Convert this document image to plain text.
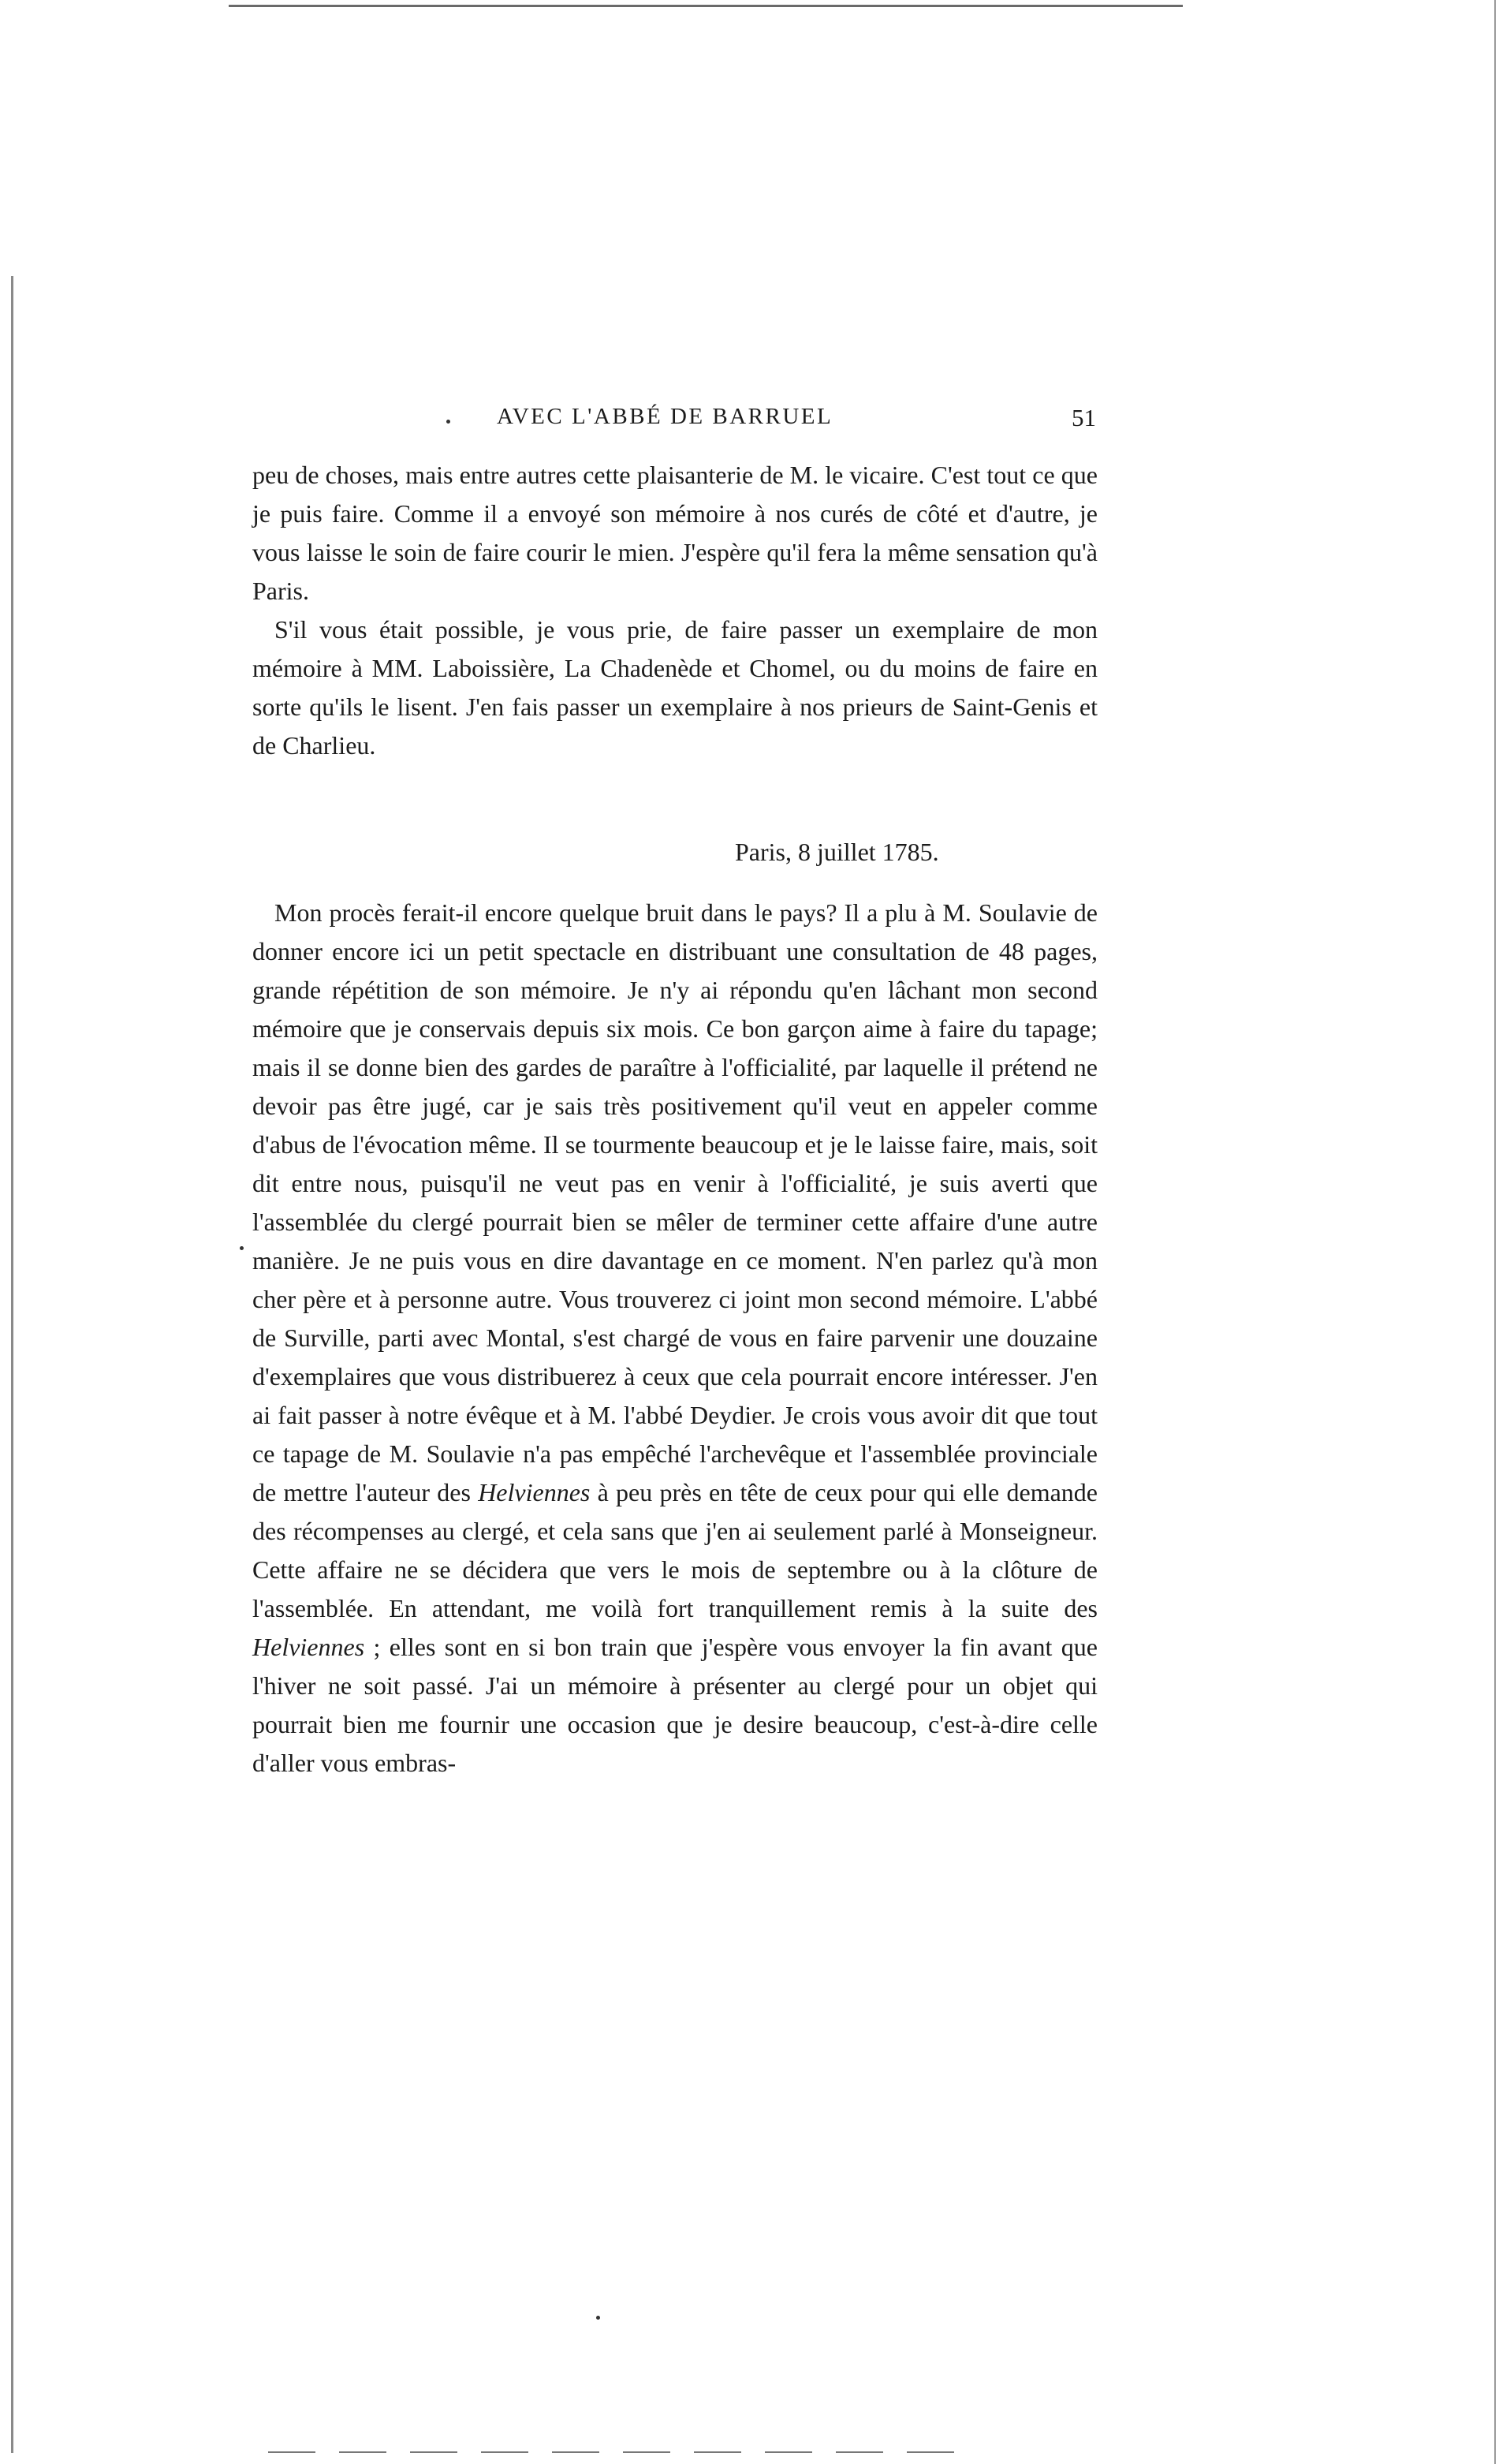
AVEC L'ABBÉ DE BARRUEL	51

peu de choses, mais entre autres cette plaisanterie de M. le vicaire. C'est tout ce que je puis faire. Comme il a envoyé son mémoire à nos curés de côté et d'autre, je vous laisse le soin de faire courir le mien. J'espère qu'il fera la même sensation qu'à Paris.

S'il vous était possible, je vous prie, de faire passer un exemplaire de mon mémoire à MM. Laboissière, La Chadenède et Chomel, ou du moins de faire en sorte qu'ils le lisent. J'en fais passer un exemplaire à nos prieurs de Saint-Genis et de Charlieu.

Paris, 8 juillet 1785.

Mon procès ferait-il encore quelque bruit dans le pays? Il a plu à M. Soulavie de donner encore ici un petit spectacle en distribuant une consultation de 48 pages, grande répétition de son mémoire. Je n'y ai répondu qu'en lâchant mon second mémoire que je conservais depuis six mois. Ce bon garçon aime à faire du tapage; mais il se donne bien des gardes de paraître à l'officialité, par laquelle il prétend ne devoir pas être jugé, car je sais très positivement qu'il veut en appeler comme d'abus de l'évocation même. Il se tourmente beaucoup et je le laisse faire, mais, soit dit entre nous, puisqu'il ne veut pas en venir à l'officialité, je suis averti que l'assemblée du clergé pourrait bien se mêler de terminer cette affaire d'une autre manière. Je ne puis vous en dire davantage en ce moment. N'en parlez qu'à mon cher père et à personne autre. Vous trouverez ci joint mon second mémoire. L'abbé de Surville, parti avec Montal, s'est chargé de vous en faire parvenir une douzaine d'exemplaires que vous distribuerez à ceux que cela pourrait encore intéresser. J'en ai fait passer à notre évêque et à M. l'abbé Deydier. Je crois vous avoir dit que tout ce tapage de M. Soulavie n'a pas empêché l'archevêque et l'assemblée provinciale de mettre l'auteur des Helviennes à peu près en tête de ceux pour qui elle demande des récompenses au clergé, et cela sans que j'en ai seulement parlé à Monseigneur. Cette affaire ne se décidera que vers le mois de septembre ou à la clôture de l'assemblée. En attendant, me voilà fort tranquillement remis à la suite des Helviennes ; elles sont en si bon train que j'espère vous envoyer la fin avant que l'hiver ne soit passé. J'ai un mémoire à présenter au clergé pour un objet qui pourrait bien me fournir une occasion que je desire beaucoup, c'est-à-dire celle d'aller vous embras-
